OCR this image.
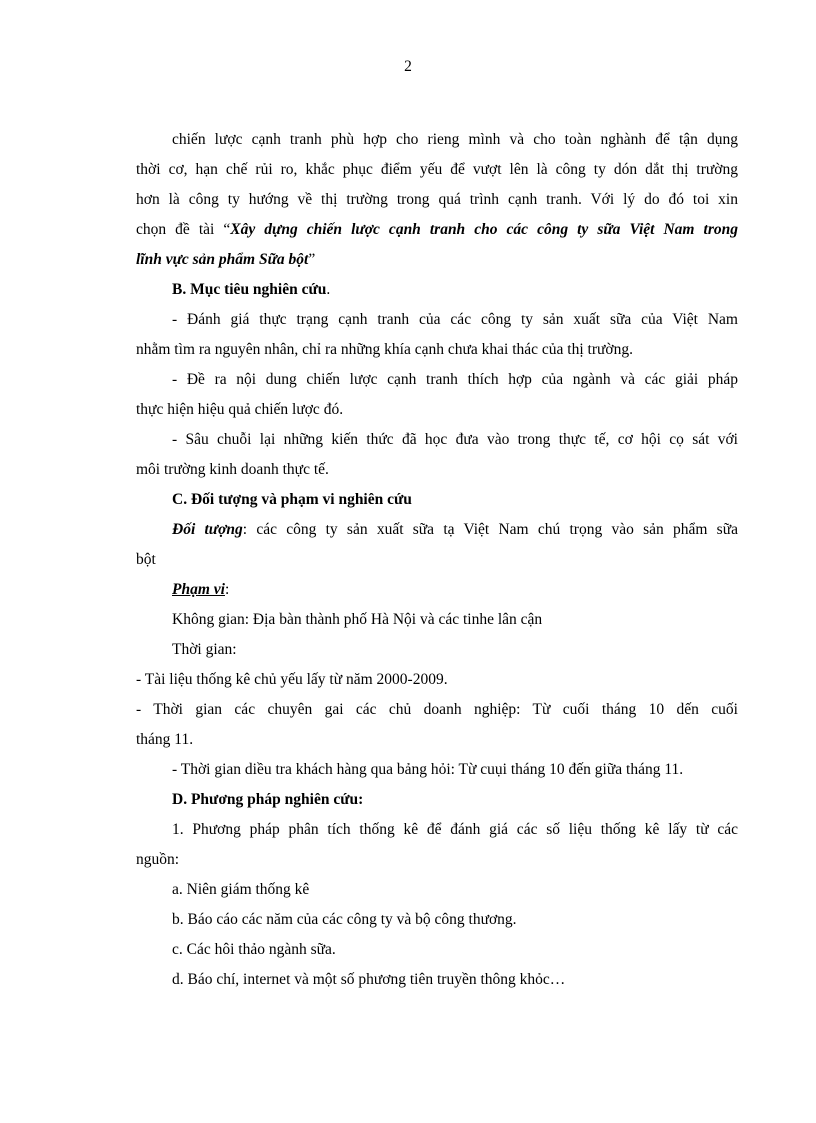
2
chiến lược cạnh tranh phù hợp cho rieng mình và cho toàn nghành để tận dụng
thời cơ, hạn chế rủi ro, khắc phục điểm yếu để vượt lên là công ty dón dắt thị trường
hơn là công ty hướng về thị trường trong quá trình cạnh tranh. Với lý do đó toi xin
chọn đề tài “Xây dựng chiến lược cạnh tranh cho các công ty sữa Việt Nam trong
lĩnh vực sản phẩm Sữa bột”
B. Mục tiêu nghiên cứu.
- Đánh giá thực trạng cạnh tranh của các công ty sản xuất sữa của Việt Nam
nhằm tìm ra nguyên nhân, chỉ ra những khía cạnh chưa khai thác của thị trường.
- Đề ra nội dung chiến lược cạnh tranh thích hợp của ngành và các giải pháp
thực hiện hiệu quả chiến lược đó.
- Sâu chuỗi lại những kiến thức đã học đưa vào trong thực tế, cơ hội cọ sát với
môi trường kinh doanh thực tế.
C. Đối tượng và phạm vi nghiên cứu
Đối tượng: các công ty sản xuất sữa tạ Việt Nam chú trọng vào sản phẩm sữa
bột
Phạm vi:
Không gian: Địa bàn thành phố Hà Nội và các tinhe lân cận
Thời gian:
- Tài liệu thống kê chủ yếu lấy từ năm 2000-2009.
- Thời gian các chuyên gai các chủ doanh nghiệp: Từ cuối tháng 10 dến cuối
tháng 11.
- Thời gian diều tra khách hàng qua bảng hỏi: Từ cuụi tháng 10 đến giữa tháng 11.
D. Phương pháp nghiên cứu:
1. Phương pháp phân tích thống kê để đánh giá các số liệu thống kê lấy từ các
nguồn:
a. Niên giám thống kê
b. Báo cáo các năm của các công ty và bộ công thương.
c. Các hôi thảo ngành sữa.
d. Báo chí, internet và một số phương tiên truyền thông khỏc…
